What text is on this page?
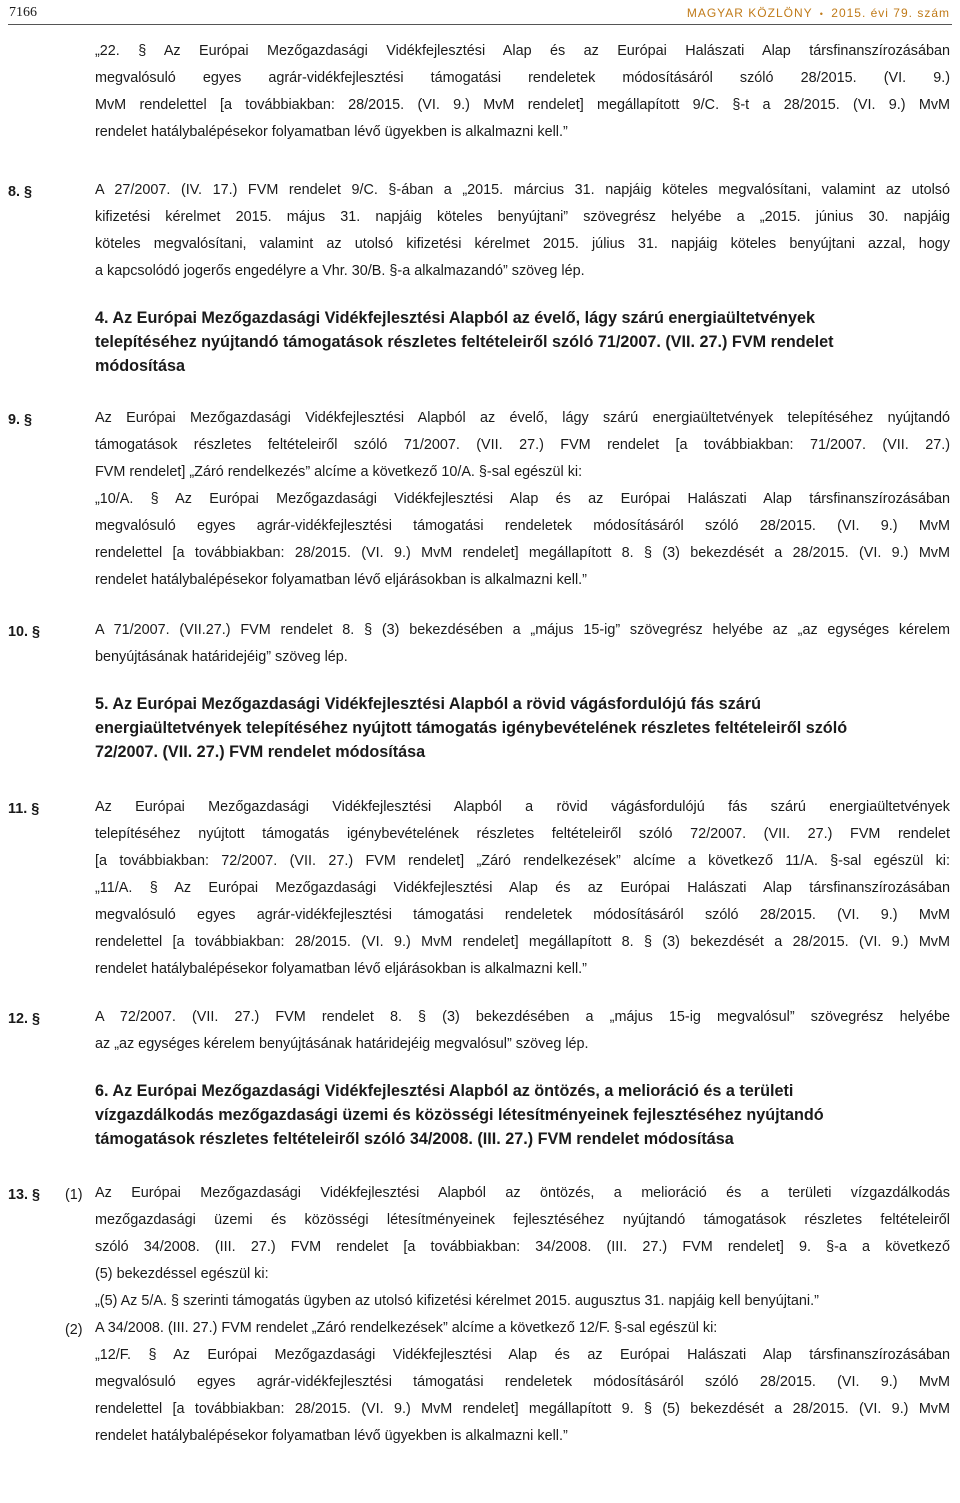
7166	MAGYAR KÖZLÖNY • 2015. évi 79. szám
„22. § Az Európai Mezőgazdasági Vidékfejlesztési Alap és az Európai Halászati Alap társfinanszírozásában
megvalósuló egyes agrár-vidékfejlesztési támogatási rendeletek módosításáról szóló 28/2015. (VI. 9.)
MvM rendelettel [a továbbiakban: 28/2015. (VI. 9.) MvM rendelet] megállapított 9/C. §-t a 28/2015. (VI. 9.) MvM
rendelet hatálybalépésekor folyamatban lévő ügyekben is alkalmazni kell.”
8. §	A 27/2007. (IV. 17.) FVM rendelet 9/C. §-ában a „2015. március 31. napjáig köteles megvalósítani, valamint az utolsó
kifizetési kérelmet 2015. május 31. napjáig köteles benyújtani” szövegrész helyébe a „2015. június 30. napjáig
köteles megvalósítani, valamint az utolsó kifizetési kérelmet 2015. július 31. napjáig köteles benyújtani azzal, hogy
a kapcsolódó jogerős engedélyre a Vhr. 30/B. §-a alkalmazandó” szöveg lép.
4. Az Európai Mezőgazdasági Vidékfejlesztési Alapból az évelő, lágy szárú energiaültetvények
telepítéséhez nyújtandó támogatások részletes feltételeiről szóló 71/2007. (VII. 27.) FVM rendelet
módosítása
9. §	Az Európai Mezőgazdasági Vidékfejlesztési Alapból az évelő, lágy szárú energiaültetvények telepítéséhez nyújtandó
támogatások részletes feltételeiről szóló 71/2007. (VII. 27.) FVM rendelet [a továbbiakban: 71/2007. (VII. 27.)
FVM rendelet] „Záró rendelkezés” alcíme a következő 10/A. §-sal egészül ki:
„10/A. § Az Európai Mezőgazdasági Vidékfejlesztési Alap és az Európai Halászati Alap társfinanszírozásában
megvalósuló egyes agrár-vidékfejlesztési támogatási rendeletek módosításáról szóló 28/2015. (VI. 9.) MvM
rendelettel [a továbbiakban: 28/2015. (VI. 9.) MvM rendelet] megállapított 8. § (3) bekezdését a 28/2015. (VI. 9.) MvM
rendelet hatálybalépésekor folyamatban lévő eljárásokban is alkalmazni kell.”
10. §	A 71/2007. (VII.27.) FVM rendelet 8. § (3) bekezdésében a „május 15-ig” szövegrész helyébe az „az egységes kérelem
benyújtásának határidejéig” szöveg lép.
5. Az Európai Mezőgazdasági Vidékfejlesztési Alapból a rövid vágásfordulójú fás szárú
energiaültetvények telepítéséhez nyújtott támogatás igénybevételének részletes feltételeiről szóló
72/2007. (VII. 27.) FVM rendelet módosítása
11. §	Az Európai Mezőgazdasági Vidékfejlesztési Alapból a rövid vágásfordulójú fás szárú energiaültetvények
telepítéséhez nyújtott támogatás igénybevételének részletes feltételeiről szóló 72/2007. (VII. 27.) FVM rendelet
[a továbbiakban: 72/2007. (VII. 27.) FVM rendelet] „Záró rendelkezések” alcíme a következő 11/A. §-sal egészül ki:
„11/A. § Az Európai Mezőgazdasági Vidékfejlesztési Alap és az Európai Halászati Alap társfinanszírozásában
megvalósuló egyes agrár-vidékfejlesztési támogatási rendeletek módosításáról szóló 28/2015. (VI. 9.) MvM
rendelettel [a továbbiakban: 28/2015. (VI. 9.) MvM rendelet] megállapított 8. § (3) bekezdését a 28/2015. (VI. 9.) MvM
rendelet hatálybalépésekor folyamatban lévő eljárásokban is alkalmazni kell.”
12. §	A 72/2007. (VII. 27.) FVM rendelet 8. § (3) bekezdésében a „május 15-ig megvalósul” szövegrész helyébe
az „az egységes kérelem benyújtásának határidejéig megvalósul” szöveg lép.
6. Az Európai Mezőgazdasági Vidékfejlesztési Alapból az öntözés, a melioráció és a területi
vízgazdálkodás mezőgazdasági üzemi és közösségi létesítményeinek fejlesztéséhez nyújtandó
támogatások részletes feltételeiről szóló 34/2008. (III. 27.) FVM rendelet módosítása
13. § (1) Az Európai Mezőgazdasági Vidékfejlesztési Alapból az öntözés, a melioráció és a területi vízgazdálkodás
mezőgazdasági üzemi és közösségi létesítményeinek fejlesztéséhez nyújtandó támogatások részletes feltételeiről
szóló 34/2008. (III. 27.) FVM rendelet [a továbbiakban: 34/2008. (III. 27.) FVM rendelet] 9. §-a a következő
(5) bekezdéssel egészül ki:
„(5) Az 5/A. § szerinti támogatás ügyben az utolsó kifizetési kérelmet 2015. augusztus 31. napjáig kell benyújtani.”
(2) A 34/2008. (III. 27.) FVM rendelet „Záró rendelkezések” alcíme a következő 12/F. §-sal egészül ki:
„12/F. § Az Európai Mezőgazdasági Vidékfejlesztési Alap és az Európai Halászati Alap társfinanszírozásában
megvalósuló egyes agrár-vidékfejlesztési támogatási rendeletek módosításáról szóló 28/2015. (VI. 9.) MvM
rendelettel [a továbbiakban: 28/2015. (VI. 9.) MvM rendelet] megállapított 9. § (5) bekezdését a 28/2015. (VI. 9.) MvM
rendelet hatálybalépésekor folyamatban lévő ügyekben is alkalmazni kell.”
